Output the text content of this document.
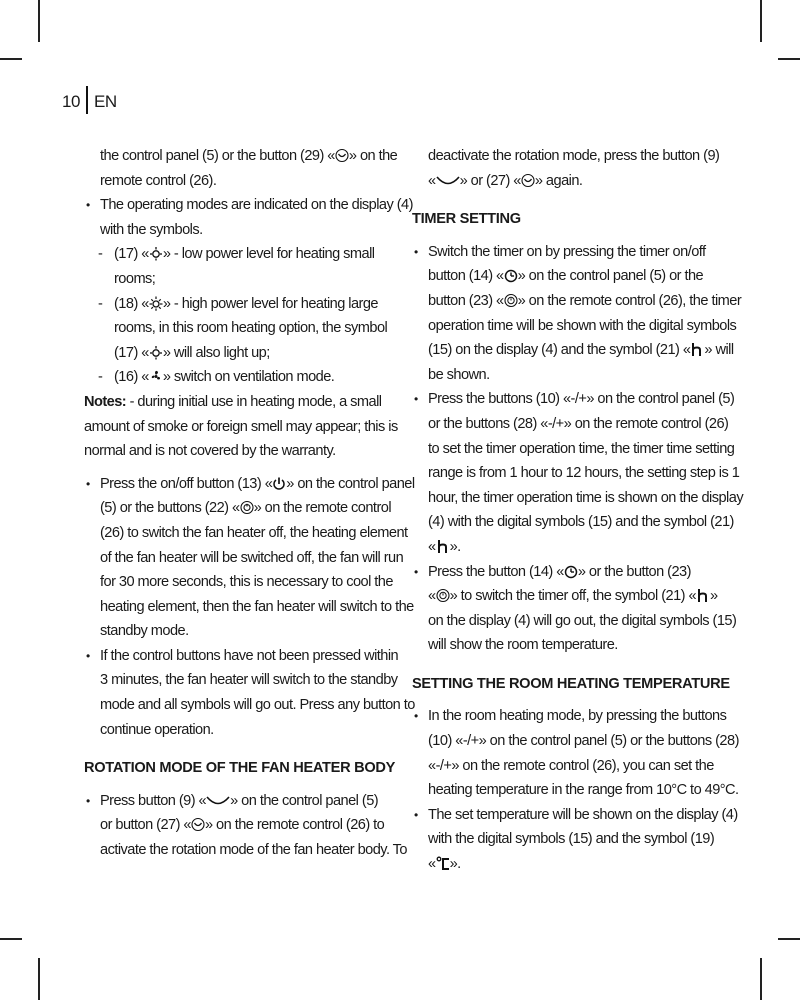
10 EN
the control panel (5) or the button (29) « » on the
remote control (26).
• The operating modes are indicated on the display (4)
with the symbols.
- (17) « » - low power level for heating small
rooms;
- (18) « » - high power level for heating large
rooms, in this room heating option, the symbol
(17) « » will also light up;
- (16) « » switch on ventilation mode.
Notes: - during initial use in heating mode, a small
amount of smoke or foreign smell may appear; this is
normal and is not covered by the warranty.
• Press the on/off button (13) « » on the control panel
(5) or the buttons (22) « » on the remote control
(26) to switch the fan heater off, the heating element
of the fan heater will be switched off, the fan will run
for 30 more seconds, this is necessary to cool the
heating element, then the fan heater will switch to the
standby mode.
• If the control buttons have not been pressed within
3 minutes, the fan heater will switch to the standby
mode and all symbols will go out. Press any button to
continue operation.
ROTATION MODE OF THE FAN HEATER BODY
• Press button (9) « » on the control panel (5)
or button (27) « » on the remote control (26) to
activate the rotation mode of the fan heater body. To
deactivate the rotation mode, press the button (9)
« » or (27) « » again.
TIMER SETTING
• Switch the timer on by pressing the timer on/off
button (14) « » on the control panel (5) or the
button (23) « » on the remote control (26), the timer
operation time will be shown with the digital symbols
(15) on the display (4) and the symbol (21) « » will
be shown.
• Press the buttons (10) «-/+» on the control panel (5)
or the buttons (28) «-/+» on the remote control (26)
to set the timer operation time, the timer time setting
range is from 1 hour to 12 hours, the setting step is 1
hour, the timer operation time is shown on the display
(4) with the digital symbols (15) and the symbol (21)
« ».
• Press the button (14) « » or the button (23)
« » to switch the timer off, the symbol (21) « »
on the display (4) will go out, the digital symbols (15)
will show the room temperature.
SETTING THE ROOM HEATING TEMPERATURE
• In the room heating mode, by pressing the buttons
(10) «-/+» on the control panel (5) or the buttons (28)
«-/+» on the remote control (26), you can set the
heating temperature in the range from 10°C to 49°C.
• The set temperature will be shown on the display (4)
with the digital symbols (15) and the symbol (19)
« ».
